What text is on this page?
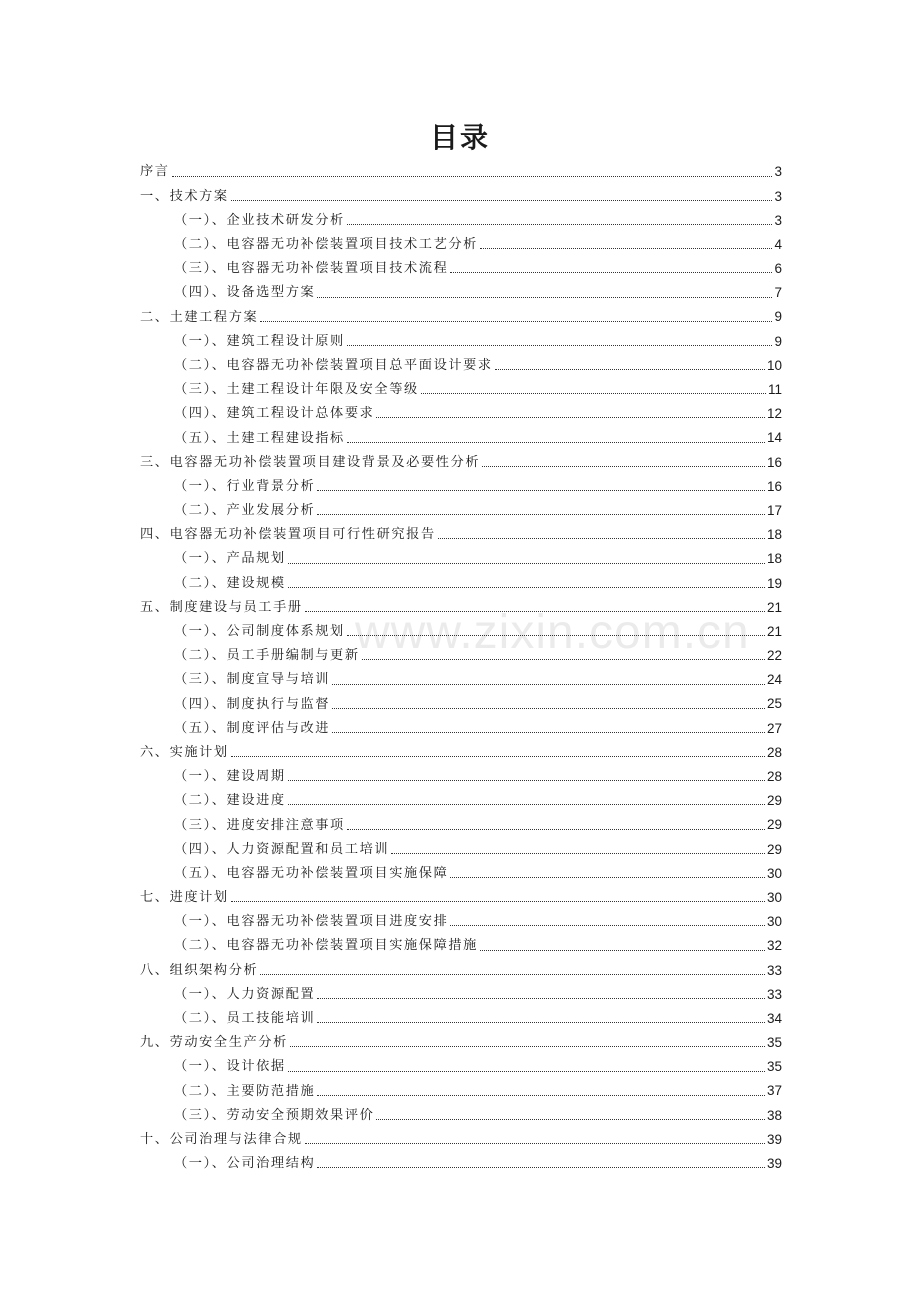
目录
www.zixin.com.cn
序言	3
一、技术方案	3
（一）、企业技术研发分析	3
（二）、电容器无功补偿装置项目技术工艺分析	4
（三）、电容器无功补偿装置项目技术流程	6
（四）、设备选型方案	7
二、土建工程方案	9
（一）、建筑工程设计原则	9
（二）、电容器无功补偿装置项目总平面设计要求	10
（三）、土建工程设计年限及安全等级	11
（四）、建筑工程设计总体要求	12
（五）、土建工程建设指标	14
三、电容器无功补偿装置项目建设背景及必要性分析	16
（一）、行业背景分析	16
（二）、产业发展分析	17
四、电容器无功补偿装置项目可行性研究报告	18
（一）、产品规划	18
（二）、建设规模	19
五、制度建设与员工手册	21
（一）、公司制度体系规划	21
（二）、员工手册编制与更新	22
（三）、制度宣导与培训	24
（四）、制度执行与监督	25
（五）、制度评估与改进	27
六、实施计划	28
（一）、建设周期	28
（二）、建设进度	29
（三）、进度安排注意事项	29
（四）、人力资源配置和员工培训	29
（五）、电容器无功补偿装置项目实施保障	30
七、进度计划	30
（一）、电容器无功补偿装置项目进度安排	30
（二）、电容器无功补偿装置项目实施保障措施	32
八、组织架构分析	33
（一）、人力资源配置	33
（二）、员工技能培训	34
九、劳动安全生产分析	35
（一）、设计依据	35
（二）、主要防范措施	37
（三）、劳动安全预期效果评价	38
十、公司治理与法律合规	39
（一）、公司治理结构	39
